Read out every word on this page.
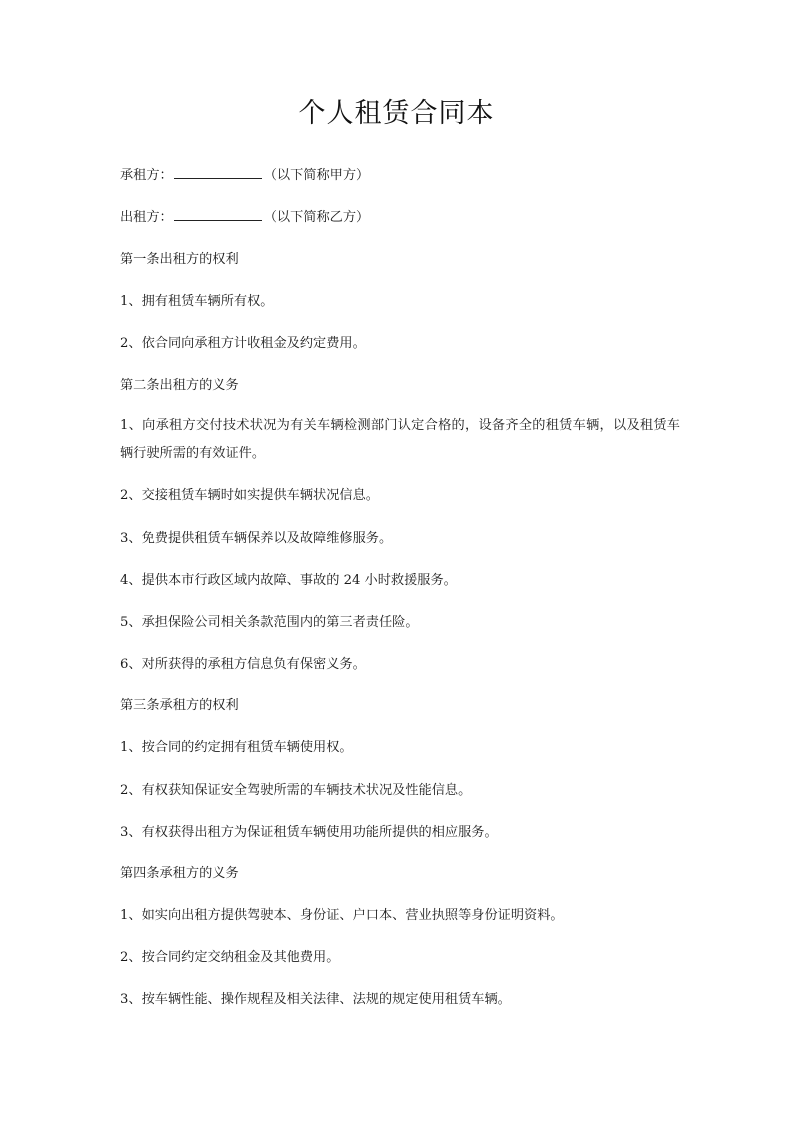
个人租赁合同本
承租方：	（以下简称甲方）
出租方：	（以下简称乙方）
第一条出租方的权利
1、拥有租赁车辆所有权。
2、依合同向承租方计收租金及约定费用。
第二条出租方的义务
1、向承租方交付技术状况为有关车辆检测部门认定合格的，设备齐全的租赁车辆，以及租赁车辆行驶所需的有效证件。
2、交接租赁车辆时如实提供车辆状况信息。
3、免费提供租赁车辆保养以及故障维修服务。
4、提供本市行政区域内故障、事故的 24 小时救援服务。
5、承担保险公司相关条款范围内的第三者责任险。
6、对所获得的承租方信息负有保密义务。
第三条承租方的权利
1、按合同的约定拥有租赁车辆使用权。
2、有权获知保证安全驾驶所需的车辆技术状况及性能信息。
3、有权获得出租方为保证租赁车辆使用功能所提供的相应服务。
第四条承租方的义务
1、如实向出租方提供驾驶本、身份证、户口本、营业执照等身份证明资料。
2、按合同约定交纳租金及其他费用。
3、按车辆性能、操作规程及相关法律、法规的规定使用租赁车辆。
